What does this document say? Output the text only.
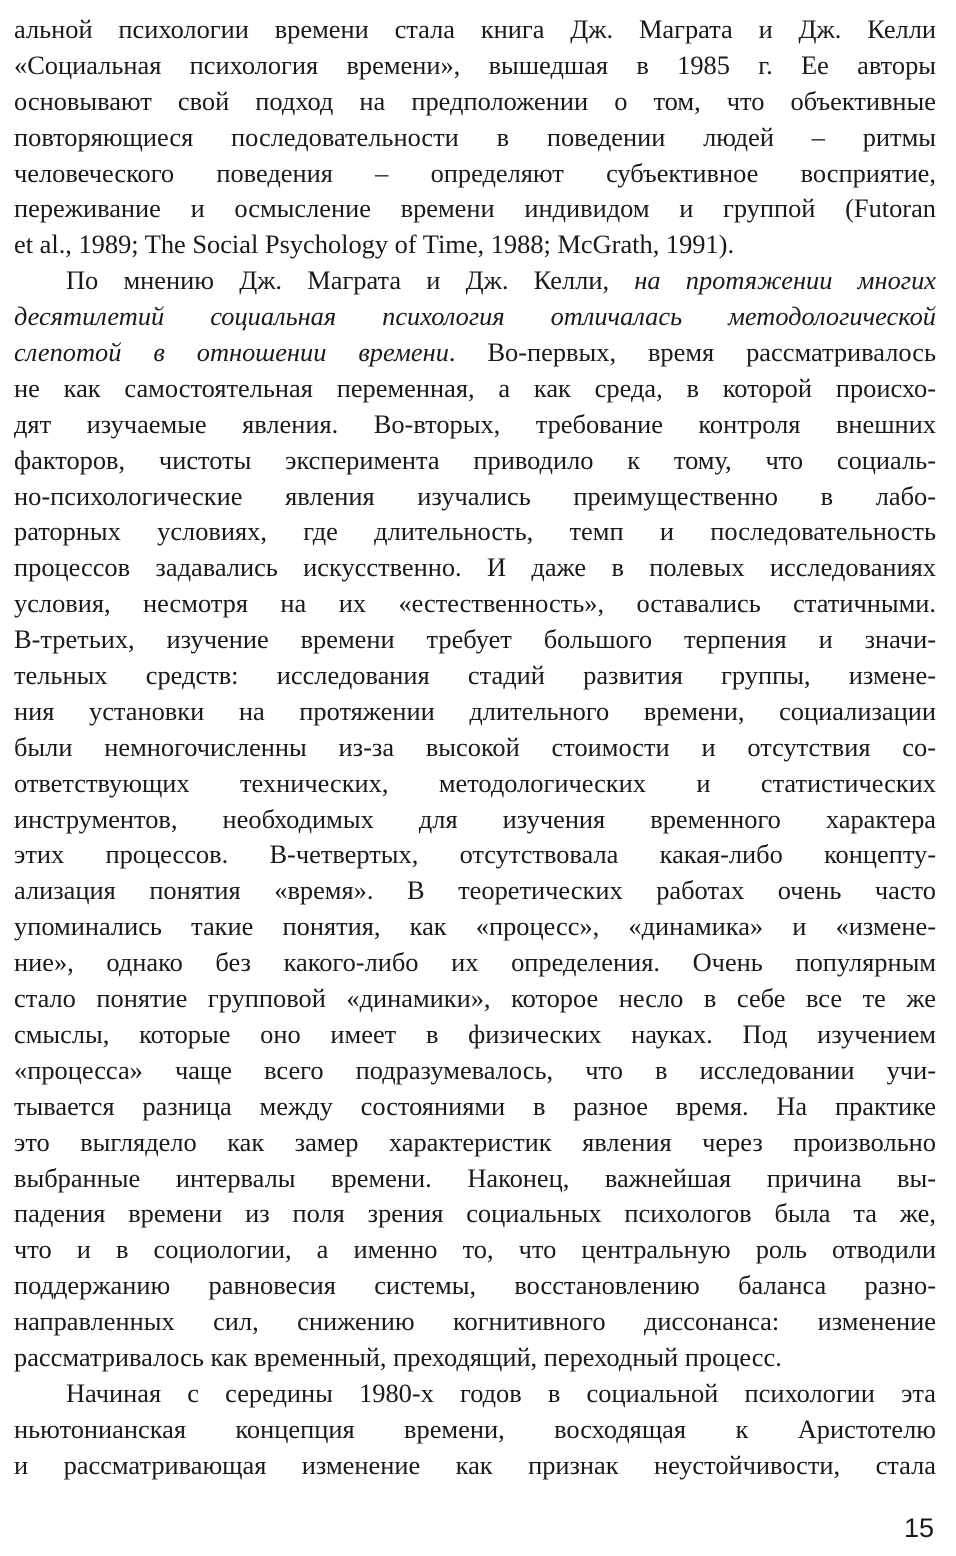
альной психологии времени стала книга Дж. Маграта и Дж. Келли
«Социальная психология времени», вышедшая в 1985 г. Ее авторы
основывают свой подход на предположении о том, что объективные
повторяющиеся последовательности в поведении людей – ритмы
человеческого поведения – определяют субъективное восприятие,
переживание и осмысление времени индивидом и группой (Futoran
et al., 1989; The Social Psychology of Time, 1988; McGrath, 1991).
По мнению Дж. Маграта и Дж. Келли, на протяжении многих
десятилетий социальная психология отличалась методологической
слепотой в отношении времени. Во-первых, время рассматривалось
не как самостоятельная переменная, а как среда, в которой происхо-
дят изучаемые явления. Во-вторых, требование контроля внешних
факторов, чистоты эксперимента приводило к тому, что социаль-
но-психологические явления изучались преимущественно в лабо-
раторных условиях, где длительность, темп и последовательность
процессов задавались искусственно. И даже в полевых исследованиях
условия, несмотря на их «естественность», оставались статичными.
В-третьих, изучение времени требует большого терпения и значи-
тельных средств: исследования стадий развития группы, измене-
ния установки на протяжении длительного времени, социализации
были немногочисленны из-за высокой стоимости и отсутствия со-
ответствующих технических, методологических и статистических
инструментов, необходимых для изучения временного характера
этих процессов. В-четвертых, отсутствовала какая-либо концепту-
ализация понятия «время». В теоретических работах очень часто
упоминались такие понятия, как «процесс», «динамика» и «измене-
ние», однако без какого-либо их определения. Очень популярным
стало понятие групповой «динамики», которое несло в себе все те же
смыслы, которые оно имеет в физических науках. Под изучением
«процесса» чаще всего подразумевалось, что в исследовании учи-
тывается разница между состояниями в разное время. На практике
это выглядело как замер характеристик явления через произвольно
выбранные интервалы времени. Наконец, важнейшая причина вы-
падения времени из поля зрения социальных психологов была та же,
что и в социологии, а именно то, что центральную роль отводили
поддержанию равновесия системы, восстановлению баланса разно-
направленных сил, снижению когнитивного диссонанса: изменение
рассматривалось как временный, преходящий, переходный процесс.
Начиная с середины 1980-х годов в социальной психологии эта
ньютонианская концепция времени, восходящая к Аристотелю
и рассматривающая изменение как признак неустойчивости, стала
15
